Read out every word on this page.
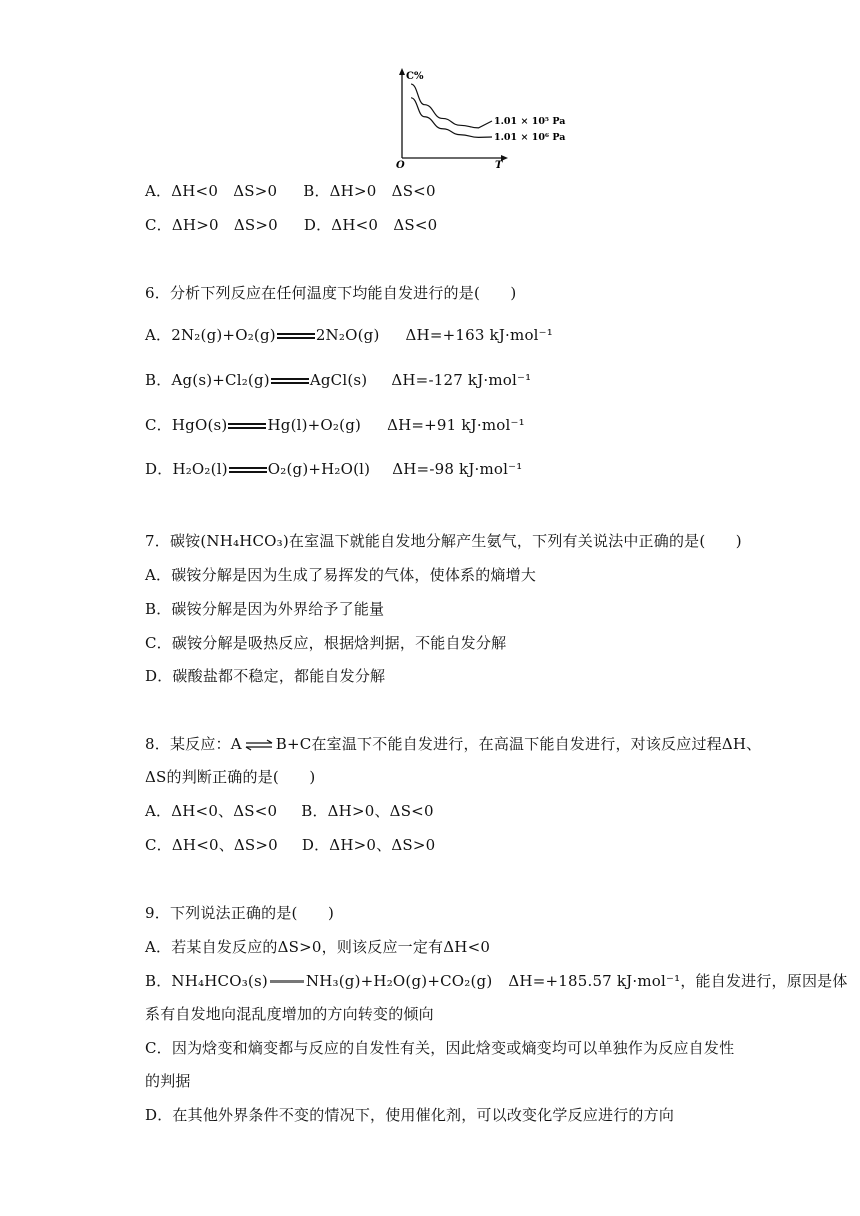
C%
O	T
1.01 × 10⁵ Pa
1.01 × 10⁶ Pa
A．ΔH<0　ΔS>0 B．ΔH>0　ΔS<0
C．ΔH>0　ΔS>0 D．ΔH<0　ΔS<0
6．分析下列反应在任何温度下均能自发进行的是(　　)
A．2N₂(g)+O₂(g)	2N₂O(g) ΔH=+163 kJ·mol⁻¹
B．Ag(s)+Cl₂(g)	AgCl(s) ΔH=-127 kJ·mol⁻¹
C．HgO(s)	Hg(l)+O₂(g) ΔH=+91 kJ·mol⁻¹
D．H₂O₂(l)	O₂(g)+H₂O(l) ΔH=-98 kJ·mol⁻¹
7．碳铵(NH₄HCO₃)在室温下就能自发地分解产生氨气，下列有关说法中正确的是(　　)
A．碳铵分解是因为生成了易挥发的气体，使体系的熵增大
B．碳铵分解是因为外界给予了能量
C．碳铵分解是吸热反应，根据焓判据，不能自发分解
D．碳酸盐都不稳定，都能自发分解
8．某反应：A ⇌ B+C在室温下不能自发进行，在高温下能自发进行，对该反应过程ΔH、
ΔS的判断正确的是(　　)
A．ΔH<0、ΔS<0 B．ΔH>0、ΔS<0
C．ΔH<0、ΔS>0 D．ΔH>0、ΔS>0
9．下列说法正确的是(　　)
A．若某自发反应的ΔS>0，则该反应一定有ΔH<0
B．NH₄HCO₃(s)	NH₃(g)+H₂O(g)+CO₂(g) ΔH=+185.57 kJ·mol⁻¹，能自发进行，原因是体
系有自发地向混乱度增加的方向转变的倾向
C．因为焓变和熵变都与反应的自发性有关，因此焓变或熵变均可以单独作为反应自发性
的判据
D．在其他外界条件不变的情况下，使用催化剂，可以改变化学反应进行的方向
